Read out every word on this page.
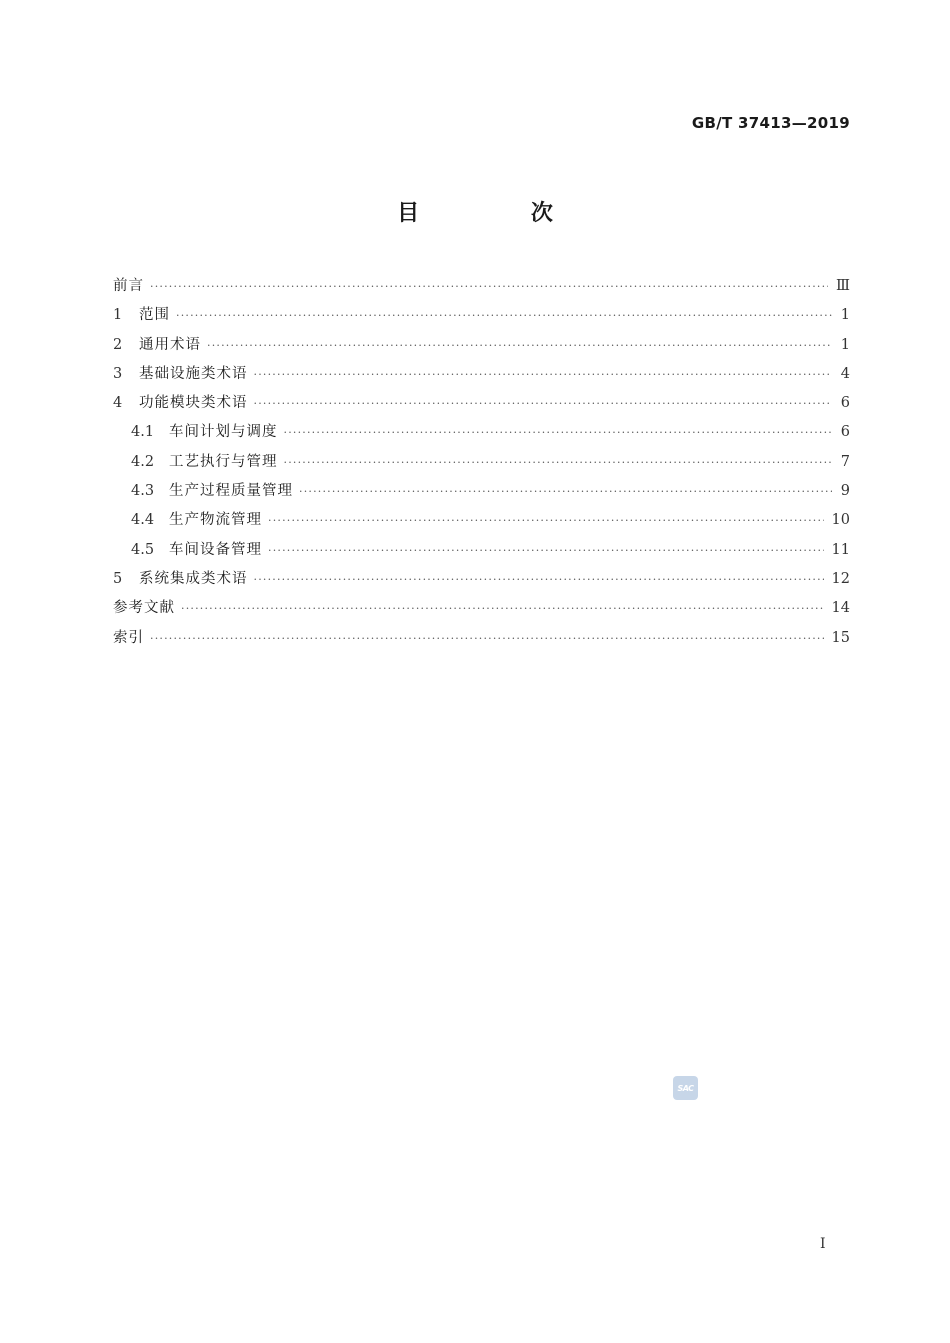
GB/T 37413—2019
目 次
前言 ·····	Ⅲ
1	范围 ·····	1
2	通用术语 ·····	1
3	基础设施类术语 ·····	4
4	功能模块类术语 ·····	6
4.1	车间计划与调度 ·····	6
4.2	工艺执行与管理 ·····	7
4.3	生产过程质量管理 ·····	9
4.4	生产物流管理 ·····	10
4.5	车间设备管理 ·····	11
5	系统集成类术语 ·····	12
参考文献 ·····	14
索引 ·····	15
SAC
I
